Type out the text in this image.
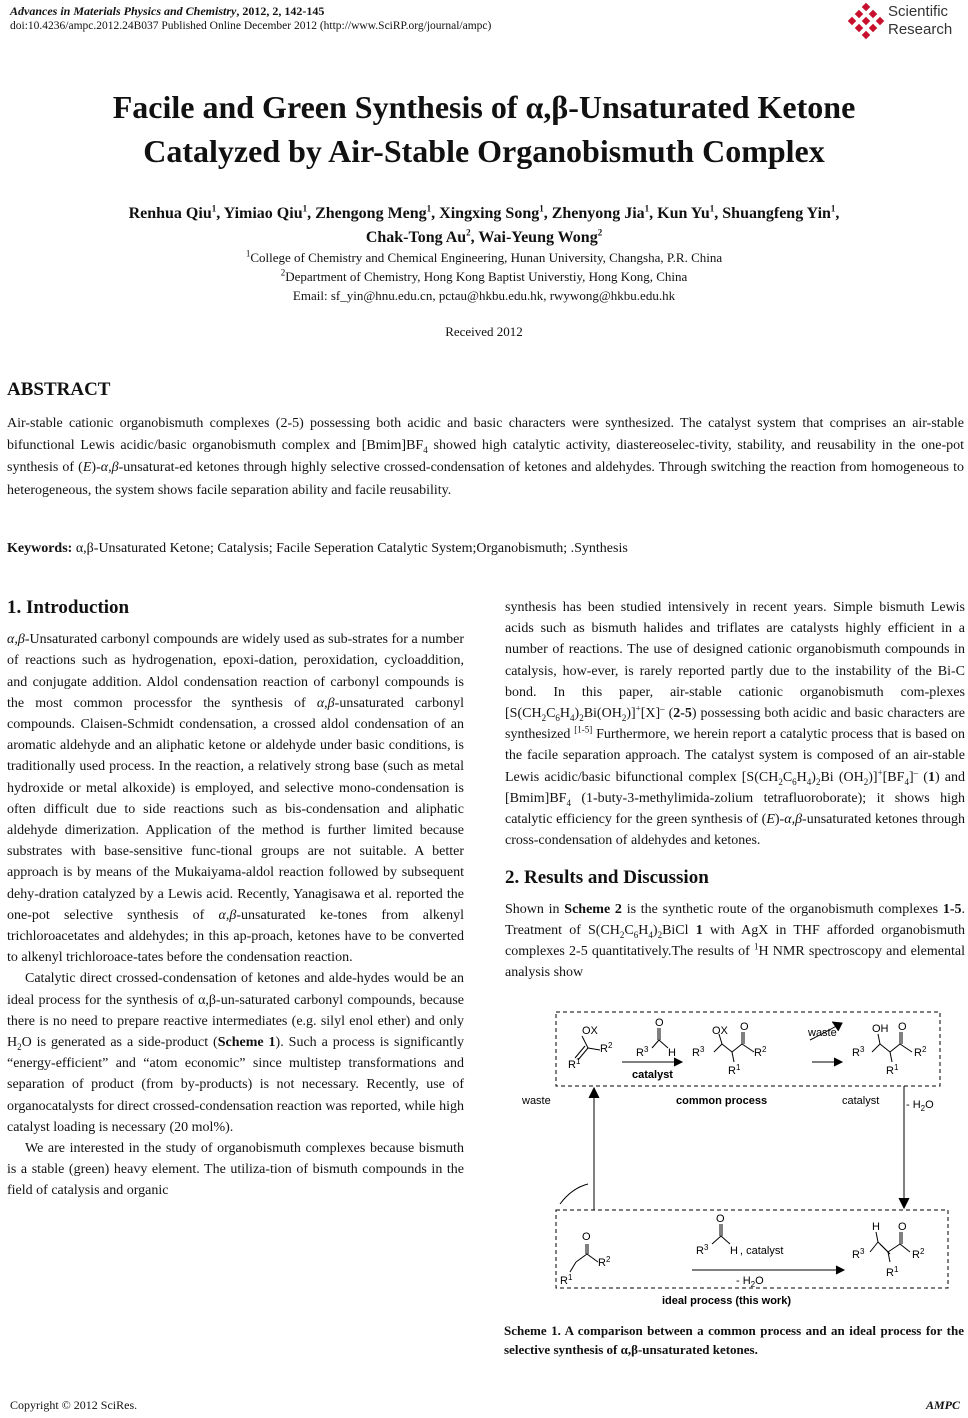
Advances in Materials Physics and Chemistry, 2012, 2, 142-145
doi:10.4236/ampc.2012.24B037 Published Online December 2012 (http://www.SciRP.org/journal/ampc)
Scientific
Research
Facile and Green Synthesis of α,β-Unsaturated Ketone
Catalyzed by Air-Stable Organobismuth Complex
Renhua Qiu$^1$, Yimiao Qiu$^1$, Zhengong Meng$^1$, Xingxing Song$^1$, Zhenyong Jia$^1$, Kun Yu$^1$, Shuangfeng Yin$^1$,
Chak-Tong Au$^2$, Wai-Yeung Wong$^2$
$^1$College of Chemistry and Chemical Engineering, Hunan University, Changsha, P.R. China
$^2$Department of Chemistry, Hong Kong Baptist Universtiy, Hong Kong, China
Email: sf_yin@hnu.edu.cn, pctau@hkbu.edu.hk, rwywong@hkbu.edu.hk
Received 2012
ABSTRACT
Air-stable cationic organobismuth complexes (2-5) possessing both acidic and basic characters were synthesized. The catalyst system that comprises an air-stable bifunctional Lewis acidic/basic organobismuth complex and $[Bmim]BF_4$ showed high catalytic activity, diastereoselec-tivity, stability, and reusability in the one-pot synthesis of (E)-α,β-unsaturat-ed ketones through highly selective crossed-condensation of ketones and aldehydes. Through switching the reaction from homogeneous to heterogeneous, the system shows facile separation ability and facile reusability.
Keywords: α,β-Unsaturated Ketone; Catalysis; Facile Seperation Catalytic System;Organobismuth; .Synthesis
1. Introduction

α,β-Unsaturated carbonyl compounds are widely used as sub-strates for a number of reactions such as hydrogenation, epoxi-dation, peroxidation, cycloaddition, and conjugate addition. Aldol condensation reaction of carbonyl compounds is the most common processfor the synthesis of α,β-unsaturated carbonyl compounds. Claisen-Schmidt condensation, a crossed aldol condensation of an aromatic aldehyde and an aliphatic ketone or aldehyde under basic conditions, is traditionally used process. In the reaction, a relatively strong base (such as metal hydroxide or metal alkoxide) is employed, and selective mono-condensation is often difficult due to side reactions such as bis-condensation and aliphatic aldehyde dimerization. Application of the method is further limited because substrates with base-sensitive func-tional groups are not suitable. A better approach is by means of the Mukaiyama-aldol reaction followed by subsequent dehy-dration catalyzed by a Lewis acid. Recently, Yanagisawa et al. reported the one-pot selective synthesis of α,β-unsaturated ke-tones from alkenyl trichloroacetates and aldehydes; in this ap-proach, ketones have to be converted to alkenyl trichloroace-tates before the condensation reaction.

Catalytic direct crossed-condensation of ketones and alde-hydes would be an ideal process for the synthesis of α,β-un-saturated carbonyl compounds, because there is no need to prepare reactive intermediates (e.g. silyl enol ether) and only $H_2O$ is generated as a side-product (Scheme 1). Such a process is significantly “energy-efficient” and “atom economic” since multistep transformations and separation of product (from by-products) is not necessary. Recently, use of organocatalysts for direct crossed-condensation reaction was reported, while high catalyst loading is necessary (20 mol%).

We are interested in the study of organobismuth complexes because bismuth is a stable (green) heavy element. The utiliza-tion of bismuth compounds in the field of catalysis and organic

synthesis has been studied intensively in recent years. Simple bismuth Lewis acids such as bismuth halides and triflates are catalysts highly efficient in a number of reactions. The use of designed cationic organobismuth compounds in catalysis, how-ever, is rarely reported partly due to the instability of the Bi-C bond. In this paper, air-stable cationic organobismuth com-plexes $[S(CH_2C_6H_4)_2Bi(OH_2)]^+[X]^-$ (2-5) possessing both acidic and basic characters are synthesized [1-5] Furthermore, we herein report a catalytic process that is based on the facile separation approach. The catalyst system is composed of an air-stable Lewis acidic/basic bifunctional complex [$S(CH_2C_6H_4)_2Bi$ $(OH_2)]^+[BF_4]^-$ (1) and $[Bmim]BF_4$ (1-buty-3-methylimida-zolium tetrafluoroborate); it shows high catalytic efficiency for the green synthesis of (E)-α,β-unsaturated ketones through cross-condensation of aldehydes and ketones.

2. Results and Discussion

Shown in Scheme 2 is the synthetic route of the organobismuth complexes 1-5. Treatment of $S(CH_2C_6H_4)_2BiCl$ 1 with AgX in THF afforded organobismuth complexes 2-5 quantitatively.The results of $^1$H NMR spectroscopy and elemental analysis show

OX
$R^2$
$R^1$
O
$R^3$ H
catalyst
OX O
$R^3$	$R^2$
$R^1$
waste	OH O
$R^3$	$R^2$
$R^1$
common process
waste	catalyst - $H_2O$
O
$R^2$
$R^1$
O
$R^3$ H , catalyst
- $H_2O$
H O
$R^3$	$R^2$
$R^1$
ideal process (this work)
Scheme 1. A comparison between a common process and an ideal process for the selective synthesis of α,β-unsaturated ketones.
Copyright © 2012 SciRes.	AMPC
